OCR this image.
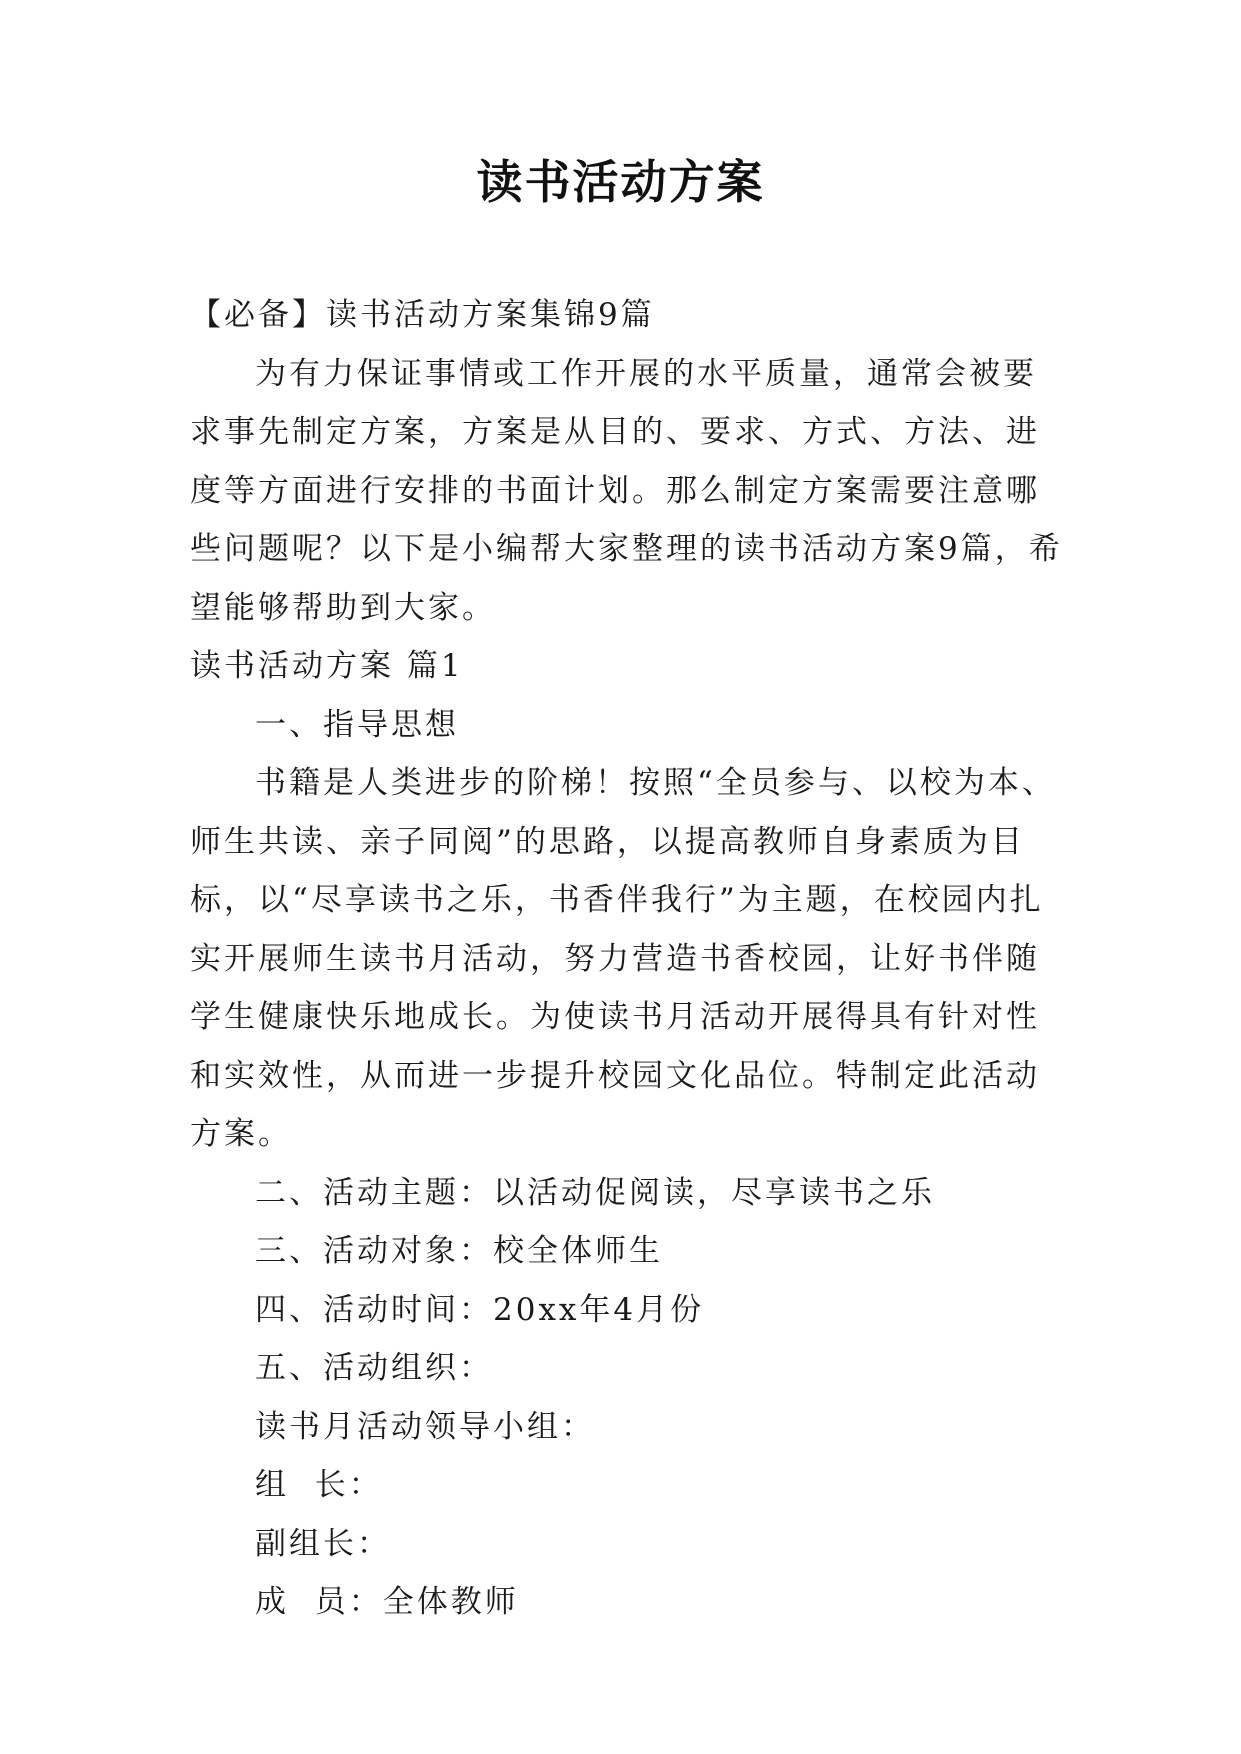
读书活动方案

【必备】读书活动方案集锦9篇

为有力保证事情或工作开展的水平质量，通常会被要求事先制定方案，方案是从目的、要求、方式、方法、进度等方面进行安排的书面计划。那么制定方案需要注意哪些问题呢？以下是小编帮大家整理的读书活动方案9篇，希望能够帮助到大家。

读书活动方案 篇1

一、指导思想

书籍是人类进步的阶梯！按照“全员参与、以校为本、师生共读、亲子同阅”的思路，以提高教师自身素质为目标，以“尽享读书之乐，书香伴我行”为主题，在校园内扎实开展师生读书月活动，努力营造书香校园，让好书伴随学生健康快乐地成长。为使读书月活动开展得具有针对性和实效性，从而进一步提升校园文化品位。特制定此活动方案。

二、活动主题：以活动促阅读，尽享读书之乐

三、活动对象：校全体师生

四、活动时间：20xx年4月份

五、活动组织：

读书月活动领导小组：

组  长：

副组长：

成  员：全体教师
